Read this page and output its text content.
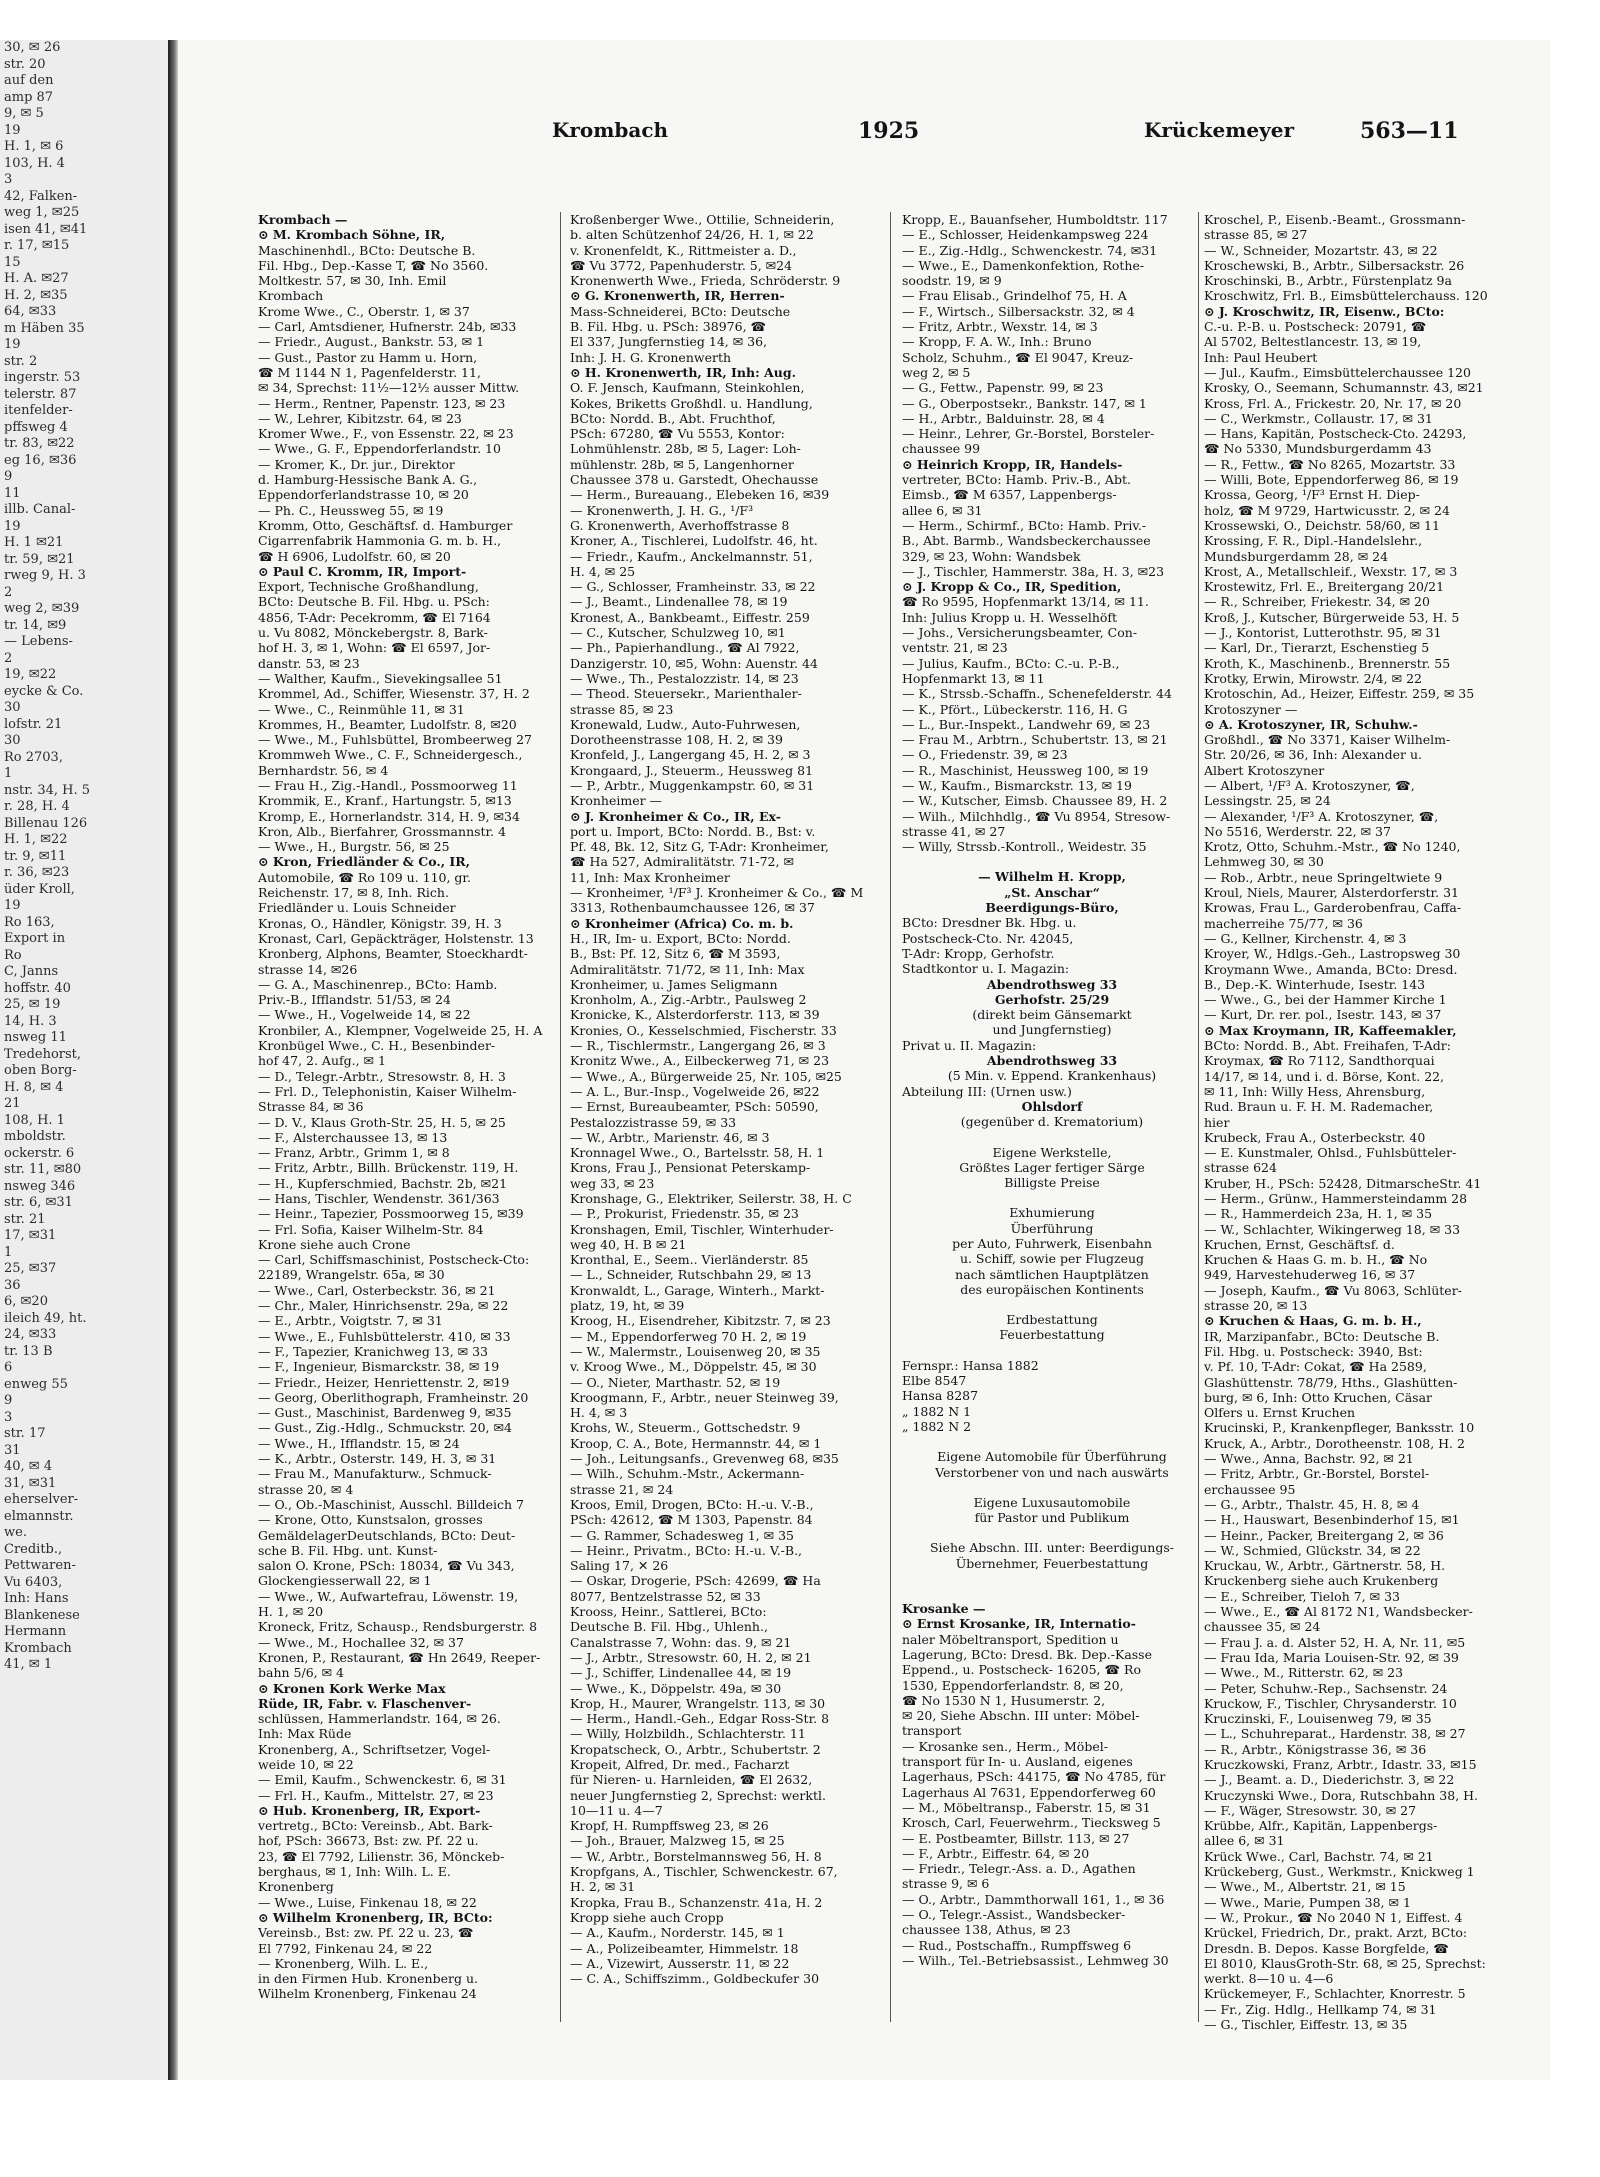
30, ✉ 26
str. 20
auf den
amp 87
9, ✉ 5
19
H. 1, ✉ 6
103, H. 4
3
42, Falken-
weg 1, ✉25
isen 41, ✉41
r. 17, ✉15
15
H. A. ✉27
H. 2, ✉35
64, ✉33
m Häben 35
19
str. 2
ingerstr. 53
telerstr. 87
itenfelder-
pffsweg 4
tr. 83, ✉22
eg 16, ✉36
9
11
illb. Canal-
19
H. 1 ✉21
tr. 59, ✉21
rweg 9, H. 3
2
weg 2, ✉39
tr. 14, ✉9
— Lebens-
2
19, ✉22
eycke & Co.
30
lofstr. 21
30
Ro 2703,
1
nstr. 34, H. 5
r. 28, H. 4
Billenau 126
H. 1, ✉22
tr. 9, ✉11
r. 36, ✉23
üder Kroll,
19
Ro 163,
Export in
Ro
C, Janns
hoffstr. 40
25, ✉ 19
14, H. 3
nsweg 11
Tredehorst,
oben Borg-
H. 8, ✉ 4
21
108, H. 1
mboldstr.
ockerstr. 6
str. 11, ✉80
nsweg 346
str. 6, ✉31
str. 21
17, ✉31
1
25, ✉37
36
6, ✉20
ileich 49, ht.
24, ✉33
tr. 13 B
6
enweg 55
9
3
str. 17
31
40, ✉ 4
31, ✉31
eherselver-
elmannstr.
we.
Creditb.,
Pettwaren-
Vu 6403,
Inh: Hans
Blankenese
Hermann
Krombach
41, ✉ 1
Krombach	1925	Krückemeyer	563—11
Krombach —
⊙ M. Krombach Söhne, IR,
Maschinenhdl., BCto: Deutsche B.
Fil. Hbg., Dep.-Kasse T, ☎ No 3560.
Moltkestr. 57, ✉ 30, Inh. Emil
Krombach
Krome Wwe., C., Oberstr. 1, ✉ 37
— Carl, Amtsdiener, Hufnerstr. 24b, ✉33
— Friedr., August., Bankstr. 53, ✉ 1
— Gust., Pastor zu Hamm u. Horn,
☎ M 1144 N 1, Pagenfelderstr. 11,
✉ 34, Sprechst: 11½—12½ ausser Mittw.
— Herm., Rentner, Papenstr. 123, ✉ 23
— W., Lehrer, Kibitzstr. 64, ✉ 23
Kromer Wwe., F., von Essenstr. 22, ✉ 23
— Wwe., G. F., Eppendorferlandstr. 10
— Kromer, K., Dr. jur., Direktor
d. Hamburg-Hessische Bank A. G.,
Eppendorferlandstrasse 10, ✉ 20
— Ph. C., Heussweg 55, ✉ 19
Kromm, Otto, Geschäftsf. d. Hamburger
Cigarrenfabrik Hammonia G. m. b. H.,
☎ H 6906, Ludolfstr. 60, ✉ 20
⊙ Paul C. Kromm, IR, Import-
Export, Technische Großhandlung,
BCto: Deutsche B. Fil. Hbg. u. PSch:
4856, T-Adr: Pecekromm, ☎ El 7164
u. Vu 8082, Mönckebergstr. 8, Bark-
hof H. 3, ✉ 1, Wohn: ☎ El 6597, Jor-
danstr. 53, ✉ 23
— Walther, Kaufm., Sievekingsallee 51
Krommel, Ad., Schiffer, Wiesenstr. 37, H. 2
— Wwe., C., Reinmühle 11, ✉ 31
Krommes, H., Beamter, Ludolfstr. 8, ✉20
— Wwe., M., Fuhlsbüttel, Brombeerweg 27
Krommweh Wwe., C. F., Schneidergesch.,
Bernhardstr. 56, ✉ 4
— Frau H., Zig.-Handl., Possmoorweg 11
Krommik, E., Kranf., Hartungstr. 5, ✉13
Kromp, E., Hornerlandstr. 314, H. 9, ✉34
Kron, Alb., Bierfahrer, Grossmannstr. 4
— Wwe., H., Burgstr. 56, ✉ 25
⊙ Kron, Friedländer & Co., IR,
Automobile, ☎ Ro 109 u. 110, gr.
Reichenstr. 17, ✉ 8, Inh. Rich.
Friedländer u. Louis Schneider
Kronas, O., Händler, Königstr. 39, H. 3
Kronast, Carl, Gepäckträger, Holstenstr. 13
Kronberg, Alphons, Beamter, Stoeckhardt-
strasse 14, ✉26
— G. A., Maschinenrep., BCto: Hamb.
Priv.-B., Ifflandstr. 51/53, ✉ 24
— Wwe., H., Vogelweide 14, ✉ 22
Kronbiler, A., Klempner, Vogelweide 25, H. A
Kronbügel Wwe., C. H., Besenbinder-
hof 47, 2. Aufg., ✉ 1
— D., Telegr.-Arbtr., Stresowstr. 8, H. 3
— Frl. D., Telephonistin, Kaiser Wilhelm-
Strasse 84, ✉ 36
— D. V., Klaus Groth-Str. 25, H. 5, ✉ 25
— F., Alsterchaussee 13, ✉ 13
— Franz, Arbtr., Grimm 1, ✉ 8
— Fritz, Arbtr., Billh. Brückenstr. 119, H.
— H., Kupferschmied, Bachstr. 2b, ✉21
— Hans, Tischler, Wendenstr. 361/363
— Heinr., Tapezier, Possmoorweg 15, ✉39
— Frl. Sofia, Kaiser Wilhelm-Str. 84
Krone siehe auch Crone
— Carl, Schiffsmaschinist, Postscheck-Cto:
22189, Wrangelstr. 65a, ✉ 30
— Wwe., Carl, Osterbeckstr. 36, ✉ 21
— Chr., Maler, Hinrichsenstr. 29a, ✉ 22
— E., Arbtr., Voigtstr. 7, ✉ 31
— Wwe., E., Fuhlsbüttelerstr. 410, ✉ 33
— F., Tapezier, Kranichweg 13, ✉ 33
— F., Ingenieur, Bismarckstr. 38, ✉ 19
— Friedr., Heizer, Henriettenstr. 2, ✉19
— Georg, Oberlithograph, Framheinstr. 20
— Gust., Maschinist, Bardenweg 9, ✉35
— Gust., Zig.-Hdlg., Schmuckstr. 20, ✉4
— Wwe., H., Ifflandstr. 15, ✉ 24
— K., Arbtr., Osterstr. 149, H. 3, ✉ 31
— Frau M., Manufakturw., Schmuck-
strasse 20, ✉ 4
— O., Ob.-Maschinist, Ausschl. Billdeich 7
— Krone, Otto, Kunstsalon, grosses
GemäldelagerDeutschlands, BCto: Deut-
sche B. Fil. Hbg. unt. Kunst-
salon O. Krone, PSch: 18034, ☎ Vu 343,
Glockengiesserwall 22, ✉ 1
— Wwe., W., Aufwartefrau, Löwenstr. 19,
H. 1, ✉ 20
Kroneck, Fritz, Schausp., Rendsburgerstr. 8
— Wwe., M., Hochallee 32, ✉ 37
Kronen, P., Restaurant, ☎ Hn 2649, Reeper-
bahn 5/6, ✉ 4
⊙ Kronen Kork Werke Max
Rüde, IR, Fabr. v. Flaschenver-
schlüssen, Hammerlandstr. 164, ✉ 26.
Inh: Max Rüde
Kronenberg, A., Schriftsetzer, Vogel-
weide 10, ✉ 22
— Emil, Kaufm., Schwenckestr. 6, ✉ 31
— Frl. H., Kaufm., Mittelstr. 27, ✉ 23
⊙ Hub. Kronenberg, IR, Export-
vertretg., BCto: Vereinsb., Abt. Bark-
hof, PSch: 36673, Bst: zw. Pf. 22 u.
23, ☎ El 7792, Lilienstr. 36, Mönckeb-
berghaus, ✉ 1, Inh: Wilh. L. E.
Kronenberg
— Wwe., Luise, Finkenau 18, ✉ 22
⊙ Wilhelm Kronenberg, IR, BCto:
Vereinsb., Bst: zw. Pf. 22 u. 23, ☎
El 7792, Finkenau 24, ✉ 22
— Kronenberg, Wilh. L. E.,
in den Firmen Hub. Kronenberg u.
Wilhelm Kronenberg, Finkenau 24
Kroßenberger Wwe., Ottilie, Schneiderin,
b. alten Schützenhof 24/26, H. 1, ✉ 22
v. Kronenfeldt, K., Rittmeister a. D.,
☎ Vu 3772, Papenhuderstr. 5, ✉24
Kronenwerth Wwe., Frieda, Schröderstr. 9
⊙ G. Kronenwerth, IR, Herren-
Mass-Schneiderei, BCto: Deutsche
B. Fil. Hbg. u. PSch: 38976, ☎
El 337, Jungfernstieg 14, ✉ 36,
Inh: J. H. G. Kronenwerth
⊙ H. Kronenwerth, IR, Inh: Aug.
O. F. Jensch, Kaufmann, Steinkohlen,
Kokes, Briketts Großhdl. u. Handlung,
BCto: Nordd. B., Abt. Fruchthof,
PSch: 67280, ☎ Vu 5553, Kontor:
Lohmühlenstr. 28b, ✉ 5, Lager: Loh-
mühlenstr. 28b, ✉ 5, Langenhorner
Chaussee 378 u. Garstedt, Ohechausse
— Herm., Bureauang., Elebeken 16, ✉39
— Kronenwerth, J. H. G., ¹/F³
G. Kronenwerth, Averhoffstrasse 8
Kroner, A., Tischlerei, Ludolfstr. 46, ht.
— Friedr., Kaufm., Anckelmannstr. 51,
H. 4, ✉ 25
— G., Schlosser, Framheinstr. 33, ✉ 22
— J., Beamt., Lindenallee 78, ✉ 19
Kronest, A., Bankbeamt., Eiffestr. 259
— C., Kutscher, Schulzweg 10, ✉1
— Ph., Papierhandlung., ☎ Al 7922,
Danzigerstr. 10, ✉5, Wohn: Auenstr. 44
— Wwe., Th., Pestalozzistr. 14, ✉ 23
— Theod. Steuersekr., Marienthaler-
strasse 85, ✉ 23
Kronewald, Ludw., Auto-Fuhrwesen,
Dorotheenstrasse 108, H. 2, ✉ 39
Kronfeld, J., Langergang 45, H. 2, ✉ 3
Krongaard, J., Steuerm., Heussweg 81
— P., Arbtr., Muggenkampstr. 60, ✉ 31
Kronheimer —
⊙ J. Kronheimer & Co., IR, Ex-
port u. Import, BCto: Nordd. B., Bst: v.
Pf. 48, Bk. 12, Sitz G, T-Adr: Kronheimer,
☎ Ha 527, Admiralitätstr. 71-72, ✉
11, Inh: Max Kronheimer
— Kronheimer, ¹/F³ J. Kronheimer & Co., ☎ M
3313, Rothenbaumchaussee 126, ✉ 37
⊙ Kronheimer (Africa) Co. m. b.
H., IR, Im- u. Export, BCto: Nordd.
B., Bst: Pf. 12, Sitz 6, ☎ M 3593,
Admiralitätstr. 71/72, ✉ 11, Inh: Max
Kronheimer, u. James Seligmann
Kronholm, A., Zig.-Arbtr., Paulsweg 2
Kronicke, K., Alsterdorferstr. 113, ✉ 39
Kronies, O., Kesselschmied, Fischerstr. 33
— R., Tischlermstr., Langergang 26, ✉ 3
Kronitz Wwe., A., Eilbeckerweg 71, ✉ 23
— Wwe., A., Bürgerweide 25, Nr. 105, ✉25
— A. L., Bur.-Insp., Vogelweide 26, ✉22
— Ernst, Bureaubeamter, PSch: 50590,
Pestalozzistrasse 59, ✉ 33
— W., Arbtr., Marienstr. 46, ✉ 3
Kronnagel Wwe., O., Bartelsstr. 58, H. 1
Krons, Frau J., Pensionat Peterskamp-
weg 33, ✉ 23
Kronshage, G., Elektriker, Seilerstr. 38, H. C
— P., Prokurist, Friedenstr. 35, ✉ 23
Kronshagen, Emil, Tischler, Winterhuder-
weg 40, H. B ✉ 21
Kronthal, E., Seem.. Vierländerstr. 85
— L., Schneider, Rutschbahn 29, ✉ 13
Kronwaldt, L., Garage, Winterh., Markt-
platz, 19, ht, ✉ 39
Kroog, H., Eisendreher, Kibitzstr. 7, ✉ 23
— M., Eppendorferweg 70 H. 2, ✉ 19
— W., Malermstr., Louisenweg 20, ✉ 35
v. Kroog Wwe., M., Döppelstr. 45, ✉ 30
— O., Nieter, Marthastr. 52, ✉ 19
Kroogmann, F., Arbtr., neuer Steinweg 39,
H. 4, ✉ 3
Krohs, W., Steuerm., Gottschedstr. 9
Kroop, C. A., Bote, Hermannstr. 44, ✉ 1
— Joh., Leitungsanfs., Grevenweg 68, ✉35
— Wilh., Schuhm.-Mstr., Ackermann-
strasse 21, ✉ 24
Kroos, Emil, Drogen, BCto: H.-u. V.-B.,
PSch: 42612, ☎ M 1303, Papenstr. 84
— G. Rammer, Schadesweg 1, ✉ 35
— Heinr., Privatm., BCto: H.-u. V.-B.,
Saling 17, ✕ 26
— Oskar, Drogerie, PSch: 42699, ☎ Ha
8077, Bentzelstrasse 52, ✉ 33
Krooss, Heinr., Sattlerei, BCto:
Deutsche B. Fil. Hbg., Uhlenh.,
Canalstrasse 7, Wohn: das. 9, ✉ 21
— J., Arbtr., Stresowstr. 60, H. 2, ✉ 21
— J., Schiffer, Lindenallee 44, ✉ 19
— Wwe., K., Döppelstr. 49a, ✉ 30
Krop, H., Maurer, Wrangelstr. 113, ✉ 30
— Herm., Handl.-Geh., Edgar Ross-Str. 8
— Willy, Holzbildh., Schlachterstr. 11
Kropatscheck, O., Arbtr., Schubertstr. 2
Kropeit, Alfred, Dr. med., Facharzt
für Nieren- u. Harnleiden, ☎ El 2632,
neuer Jungfernstieg 2, Sprechst: werktl.
10—11 u. 4—7
Kropf, H. Rumpffsweg 23, ✉ 26
— Joh., Brauer, Malzweg 15, ✉ 25
— W., Arbtr., Borstelmannsweg 56, H. 8
Kropfgans, A., Tischler, Schwenckestr. 67,
H. 2, ✉ 31
Kropka, Frau B., Schanzenstr. 41a, H. 2
Kropp siehe auch Cropp
— A., Kaufm., Norderstr. 145, ✉ 1
— A., Polizeibeamter, Himmelstr. 18
— A., Vizewirt, Ausserstr. 11, ✉ 22
— C. A., Schiffszimm., Goldbeckufer 30
Kropp, E., Bauanfseher, Humboldtstr. 117
— E., Schlosser, Heidenkampsweg 224
— E., Zig.-Hdlg., Schwenckestr. 74, ✉31
— Wwe., E., Damenkonfektion, Rothe-
soodstr. 19, ✉ 9
— Frau Elisab., Grindelhof 75, H. A
— F., Wirtsch., Silbersackstr. 32, ✉ 4
— Fritz, Arbtr., Wexstr. 14, ✉ 3
— Kropp, F. A. W., Inh.: Bruno
Scholz, Schuhm., ☎ El 9047, Kreuz-
weg 2, ✉ 5
— G., Fettw., Papenstr. 99, ✉ 23
— G., Oberpostsekr., Bankstr. 147, ✉ 1
— H., Arbtr., Balduinstr. 28, ✉ 4
— Heinr., Lehrer, Gr.-Borstel, Borsteler-
chaussee 99
⊙ Heinrich Kropp, IR, Handels-
vertreter, BCto: Hamb. Priv.-B., Abt.
Eimsb., ☎ M 6357, Lappenbergs-
allee 6, ✉ 31
— Herm., Schirmf., BCto: Hamb. Priv.-
B., Abt. Barmb., Wandsbeckerchaussee
329, ✉ 23, Wohn: Wandsbek
— J., Tischler, Hammerstr. 38a, H. 3, ✉23
⊙ J. Kropp & Co., IR, Spedition,
☎ Ro 9595, Hopfenmarkt 13/14, ✉ 11.
Inh: Julius Kropp u. H. Wesselhöft
— Johs., Versicherungsbeamter, Con-
ventstr. 21, ✉ 23
— Julius, Kaufm., BCto: C.-u. P.-B.,
Hopfenmarkt 13, ✉ 11
— K., Strssb.-Schaffn., Schenefelderstr. 44
— K., Pfört., Lübeckerstr. 116, H. G
— L., Bur.-Inspekt., Landwehr 69, ✉ 23
— Frau M., Arbtrn., Schubertstr. 13, ✉ 21
— O., Friedenstr. 39, ✉ 23
— R., Maschinist, Heussweg 100, ✉ 19
— W., Kaufm., Bismarckstr. 13, ✉ 19
— W., Kutscher, Eimsb. Chaussee 89, H. 2
— Wilh., Milchhdlg., ☎ Vu 8954, Stresow-
strasse 41, ✉ 27
— Willy, Strssb.-Kontroll., Weidestr. 35
— Wilhelm H. Kropp,
„St. Anschar“
Beerdigungs-Büro,
BCto: Dresdner Bk. Hbg. u.
Postscheck-Cto. Nr. 42045,
T-Adr: Kropp, Gerhofstr.
Stadtkontor u. I. Magazin:
Abendrothsweg 33
Gerhofstr. 25/29
(direkt beim Gänsemarkt
und Jungfernstieg)
Privat u. II. Magazin:
Abendrothsweg 33
(5 Min. v. Eppend. Krankenhaus)
Abteilung III: (Urnen usw.)
Ohlsdorf
(gegenüber d. Krematorium)
Eigene Werkstelle,
Größtes Lager fertiger Särge
Billigste Preise
Exhumierung
Überführung
per Auto, Fuhrwerk, Eisenbahn
u. Schiff, sowie per Flugzeug
nach sämtlichen Hauptplätzen
des europäischen Kontinents
Erdbestattung
Feuerbestattung
Fernspr.: Hansa 1882
Elbe 8547
Hansa 8287
„ 1882 N 1
„ 1882 N 2
Eigene Automobile für Überführung
Verstorbener von und nach auswärts
Eigene Luxusautomobile
für Pastor und Publikum
Siehe Abschn. III. unter: Beerdigungs-
Übernehmer, Feuerbestattung
Krosanke —
⊙ Ernst Krosanke, IR, Internatio-
naler Möbeltransport, Spedition u
Lagerung, BCto: Dresd. Bk. Dep.-Kasse
Eppend., u. Postscheck- 16205, ☎ Ro
1530, Eppendorferlandstr. 8, ✉ 20,
☎ No 1530 N 1, Husumerstr. 2,
✉ 20, Siehe Abschn. III unter: Möbel-
transport
— Krosanke sen., Herm., Möbel-
transport für In- u. Ausland, eigenes
Lagerhaus, PSch: 44175, ☎ No 4785, für
Lagerhaus Al 7631, Eppendorferweg 60
— M., Möbeltransp., Faberstr. 15, ✉ 31
Krosch, Carl, Feuerwehrm., Tiecksweg 5
— E. Postbeamter, Billstr. 113, ✉ 27
— F., Arbtr., Eiffestr. 64, ✉ 20
— Friedr., Telegr.-Ass. a. D., Agathen
strasse 9, ✉ 6
— O., Arbtr., Dammthorwall 161, 1., ✉ 36
— O., Telegr.-Assist., Wandsbecker-
chaussee 138, Athus, ✉ 23
— Rud., Postschaffn., Rumpffsweg 6
— Wilh., Tel.-Betriebsassist., Lehmweg 30
Kroschel, P., Eisenb.-Beamt., Grossmann-
strasse 85, ✉ 27
— W., Schneider, Mozartstr. 43, ✉ 22
Kroschewski, B., Arbtr., Silbersackstr. 26
Kroschinski, B., Arbtr., Fürstenplatz 9a
Kroschwitz, Frl. B., Eimsbüttelerchauss. 120
⊙ J. Kroschwitz, IR, Eisenw., BCto:
C.-u. P.-B. u. Postscheck: 20791, ☎
Al 5702, Beltestlancestr. 13, ✉ 19,
Inh: Paul Heubert
— Jul., Kaufm., Eimsbüttelerchaussee 120
Krosky, O., Seemann, Schumannstr. 43, ✉21
Kross, Frl. A., Frickestr. 20, Nr. 17, ✉ 20
— C., Werkmstr., Collaustr. 17, ✉ 31
— Hans, Kapitän, Postscheck-Cto. 24293,
☎ No 5330, Mundsburgerdamm 43
— R., Fettw., ☎ No 8265, Mozartstr. 33
— Willi, Bote, Eppendorferweg 86, ✉ 19
Krossa, Georg, ¹/F³ Ernst H. Diep-
holz, ☎ M 9729, Hartwicusstr. 2, ✉ 24
Krossewski, O., Deichstr. 58/60, ✉ 11
Krossing, F. R., Dipl.-Handelslehr.,
Mundsburgerdamm 28, ✉ 24
Krost, A., Metallschleif., Wexstr. 17, ✉ 3
Krostewitz, Frl. E., Breitergang 20/21
— R., Schreiber, Friekestr. 34, ✉ 20
Kroß, J., Kutscher, Bürgerweide 53, H. 5
— J., Kontorist, Lutterothstr. 95, ✉ 31
— Karl, Dr., Tierarzt, Eschenstieg 5
Kroth, K., Maschinenb., Brennerstr. 55
Krotky, Erwin, Mirowstr. 2/4, ✉ 22
Krotoschin, Ad., Heizer, Eiffestr. 259, ✉ 35
Krotoszyner —
⊙ A. Krotoszyner, IR, Schuhw.-
Großhdl., ☎ No 3371, Kaiser Wilhelm-
Str. 20/26, ✉ 36, Inh: Alexander u.
Albert Krotoszyner
— Albert, ¹/F³ A. Krotoszyner, ☎,
Lessingstr. 25, ✉ 24
— Alexander, ¹/F³ A. Krotoszyner, ☎,
No 5516, Werderstr. 22, ✉ 37
Krotz, Otto, Schuhm.-Mstr., ☎ No 1240,
Lehmweg 30, ✉ 30
— Rob., Arbtr., neue Springeltwiete 9
Kroul, Niels, Maurer, Alsterdorferstr. 31
Krowas, Frau L., Garderobenfrau, Caffa-
macherreihe 75/77, ✉ 36
— G., Kellner, Kirchenstr. 4, ✉ 3
Kroyer, W., Hdlgs.-Geh., Lastropsweg 30
Kroymann Wwe., Amanda, BCto: Dresd.
B., Dep.-K. Winterhude, Isestr. 143
— Wwe., G., bei der Hammer Kirche 1
— Kurt, Dr. rer. pol., Isestr. 143, ✉ 37
⊙ Max Kroymann, IR, Kaffeemakler,
BCto: Nordd. B., Abt. Freihafen, T-Adr:
Kroymax, ☎ Ro 7112, Sandthorquai
14/17, ✉ 14, und i. d. Börse, Kont. 22,
✉ 11, Inh: Willy Hess, Ahrensburg,
Rud. Braun u. F. H. M. Rademacher,
hier
Krubeck, Frau A., Osterbeckstr. 40
— E. Kunstmaler, Ohlsd., Fuhlsbütteler-
strasse 624
Kruber, H., PSch: 52428, DitmarscheStr. 41
— Herm., Grünw., Hammersteindamm 28
— R., Hammerdeich 23a, H. 1, ✉ 35
— W., Schlachter, Wikingerweg 18, ✉ 33
Kruchen, Ernst, Geschäftsf. d.
Kruchen & Haas G. m. b. H., ☎ No
949, Harvestehuderweg 16, ✉ 37
— Joseph, Kaufm., ☎ Vu 8063, Schlüter-
strasse 20, ✉ 13
⊙ Kruchen & Haas, G. m. b. H.,
IR, Marzipanfabr., BCto: Deutsche B.
Fil. Hbg. u. Postscheck: 3940, Bst:
v. Pf. 10, T-Adr: Cokat, ☎ Ha 2589,
Glashüttenstr. 78/79, Hths., Glashütten-
burg, ✉ 6, Inh: Otto Kruchen, Cäsar
Olfers u. Ernst Kruchen
Krucinski, P., Krankenpfleger, Banksstr. 10
Kruck, A., Arbtr., Dorotheenstr. 108, H. 2
— Wwe., Anna, Bachstr. 92, ✉ 21
— Fritz, Arbtr., Gr.-Borstel, Borstel-
erchaussee 95
— G., Arbtr., Thalstr. 45, H. 8, ✉ 4
— H., Hauswart, Besenbinderhof 15, ✉1
— Heinr., Packer, Breitergang 2, ✉ 36
— W., Schmied, Glückstr. 34, ✉ 22
Kruckau, W., Arbtr., Gärtnerstr. 58, H.
Kruckenberg siehe auch Krukenberg
— E., Schreiber, Tieloh 7, ✉ 33
— Wwe., E., ☎ Al 8172 N1, Wandsbecker-
chaussee 35, ✉ 24
— Frau J. a. d. Alster 52, H. A, Nr. 11, ✉5
— Frau Ida, Maria Louisen-Str. 92, ✉ 39
— Wwe., M., Ritterstr. 62, ✉ 23
— Peter, Schuhw.-Rep., Sachsenstr. 24
Kruckow, F., Tischler, Chrysanderstr. 10
Kruczinski, F., Louisenweg 79, ✉ 35
— L., Schuhreparat., Hardenstr. 38, ✉ 27
— R., Arbtr., Königstrasse 36, ✉ 36
Kruczkowski, Franz, Arbtr., Idastr. 33, ✉15
— J., Beamt. a. D., Diederichstr. 3, ✉ 22
Kruczynski Wwe., Dora, Rutschbahn 38, H.
— F., Wäger, Stresowstr. 30, ✉ 27
Krübbe, Alfr., Kapitän, Lappenbergs-
allee 6, ✉ 31
Krück Wwe., Carl, Bachstr. 74, ✉ 21
Krückeberg, Gust., Werkmstr., Knickweg 1
— Wwe., M., Albertstr. 21, ✉ 15
— Wwe., Marie, Pumpen 38, ✉ 1
— W., Prokur., ☎ No 2040 N 1, Eiffest. 4
Krückel, Friedrich, Dr., prakt. Arzt, BCto:
Dresdn. B. Depos. Kasse Borgfelde, ☎
El 8010, KlausGroth-Str. 68, ✉ 25, Sprechst:
werkt. 8—10 u. 4—6
Krückemeyer, F., Schlachter, Knorrestr. 5
— Fr., Zig. Hdlg., Hellkamp 74, ✉ 31
— G., Tischler, Eiffestr. 13, ✉ 35
